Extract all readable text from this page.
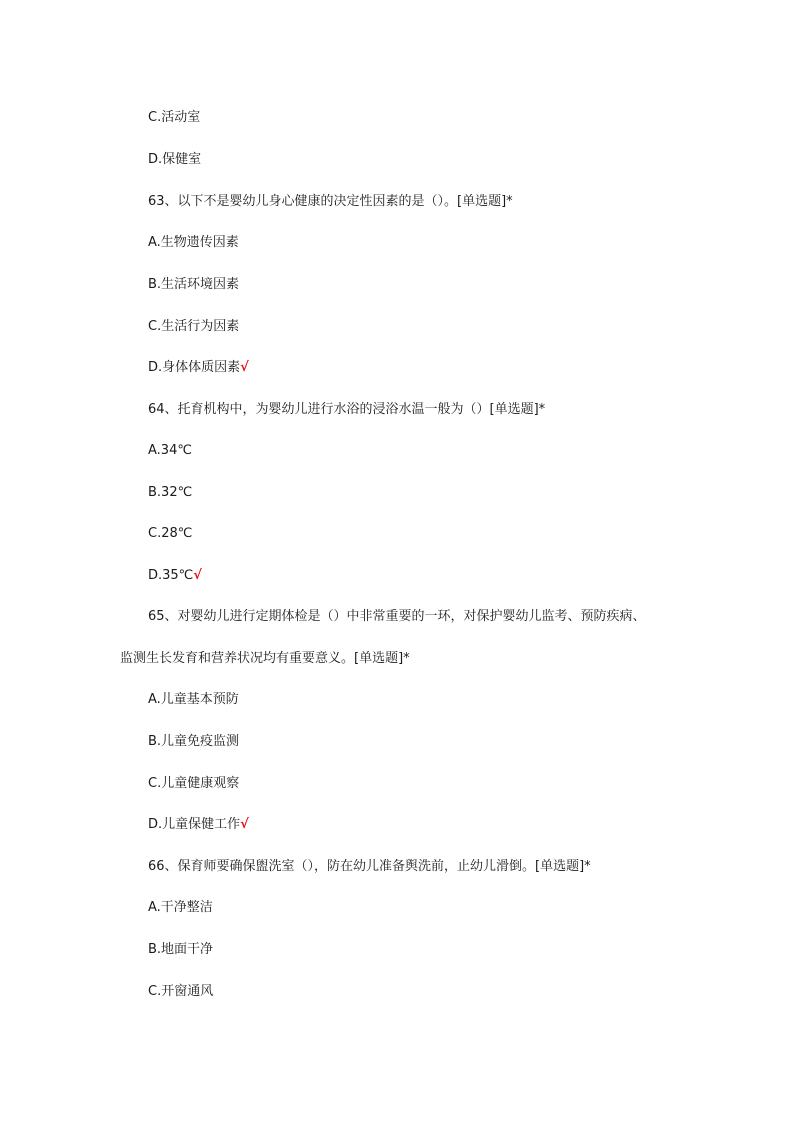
C.活动室
D.保健室
63、以下不是婴幼儿身心健康的决定性因素的是（）。[单选题]*
A.生物遗传因素
B.生活环境因素
C.生活行为因素
D.身体体质因素√
64、托育机构中，为婴幼儿进行水浴的浸浴水温一般为（）[单选题]*
A.34℃
B.32℃
C.28℃
D.35℃√
65、对婴幼儿进行定期体检是（）中非常重要的一环，对保护婴幼儿监考、预防疾病、
监测生长发育和营养状况均有重要意义。[单选题]*
A.儿童基本预防
B.儿童免疫监测
C.儿童健康观察
D.儿童保健工作√
66、保育师要确保盥洗室（），防在幼儿准备舆洗前，止幼儿滑倒。[单选题]*
A.干净整洁
B.地面干净
C.开窗通风
